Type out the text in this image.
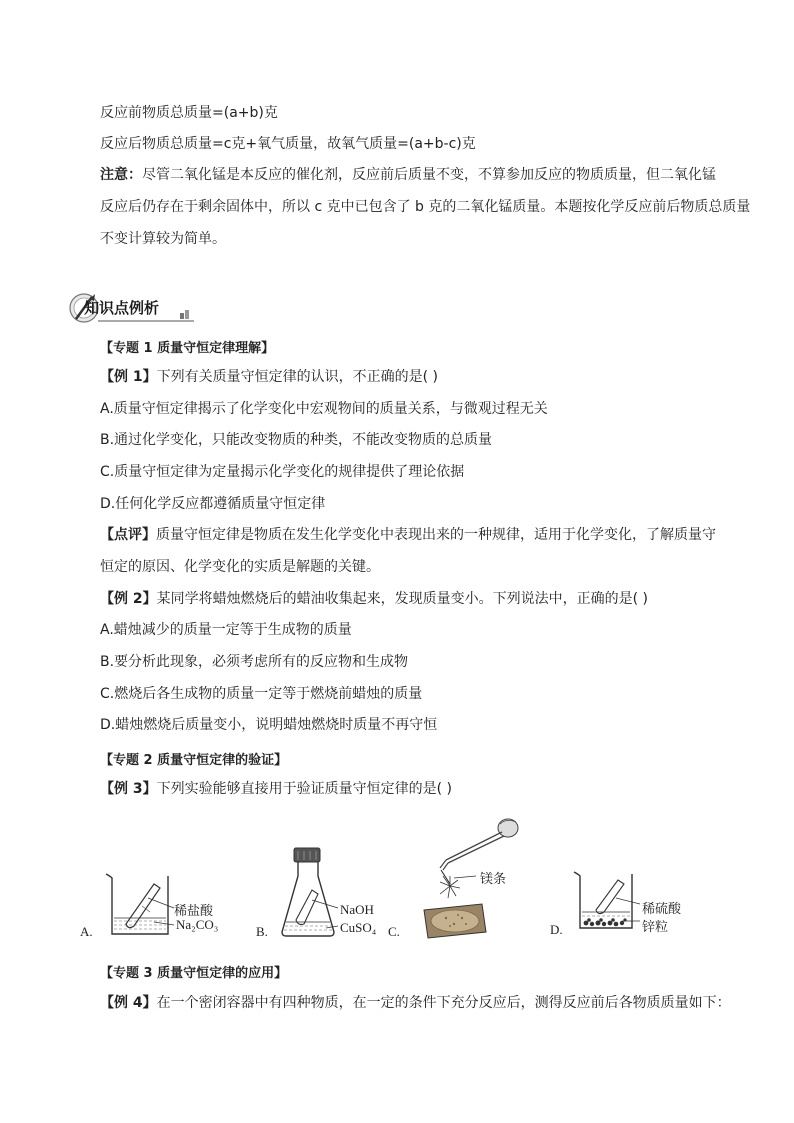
反应前物质总质量=(a+b)克
反应后物质总质量=c克+氧气质量，故氧气质量=(a+b-c)克
注意：尽管二氧化锰是本反应的催化剂，反应前后质量不变，不算参加反应的物质质量，但二氧化锰
反应后仍存在于剩余固体中，所以 c 克中已包含了 b 克的二氧化锰质量。本题按化学反应前后物质总质量
不变计算较为简单。
知识点例析
【专题 1 质量守恒定律理解】
【例 1】下列有关质量守恒定律的认识，不正确的是( )
A.质量守恒定律揭示了化学变化中宏观物间的质量关系，与微观过程无关
B.通过化学变化，只能改变物质的种类，不能改变物质的总质量
C.质量守恒定律为定量揭示化学变化的规律提供了理论依据
D.任何化学反应都遵循质量守恒定律
【点评】质量守恒定律是物质在发生化学变化中表现出来的一种规律，适用于化学变化，了解质量守
恒定的原因、化学变化的实质是解题的关键。
【例 2】某同学将蜡烛燃烧后的蜡油收集起来，发现质量变小。下列说法中，正确的是( )
A.蜡烛减少的质量一定等于生成物的质量
B.要分析此现象，必须考虑所有的反应物和生成物
C.燃烧后各生成物的质量一定等于燃烧前蜡烛的质量
D.蜡烛燃烧后质量变小，说明蜡烛燃烧时质量不再守恒
【专题 2 质量守恒定律的验证】
【例 3】下列实验能够直接用于验证质量守恒定律的是( )
A.
稀盐酸
Na₂CO₃	B.
NaOH
CuSO₄ C.
镁条
D.
稀硫酸
锌粒
【专题 3 质量守恒定律的应用】
【例 4】在一个密闭容器中有四种物质，在一定的条件下充分反应后，测得反应前后各物质质量如下：
